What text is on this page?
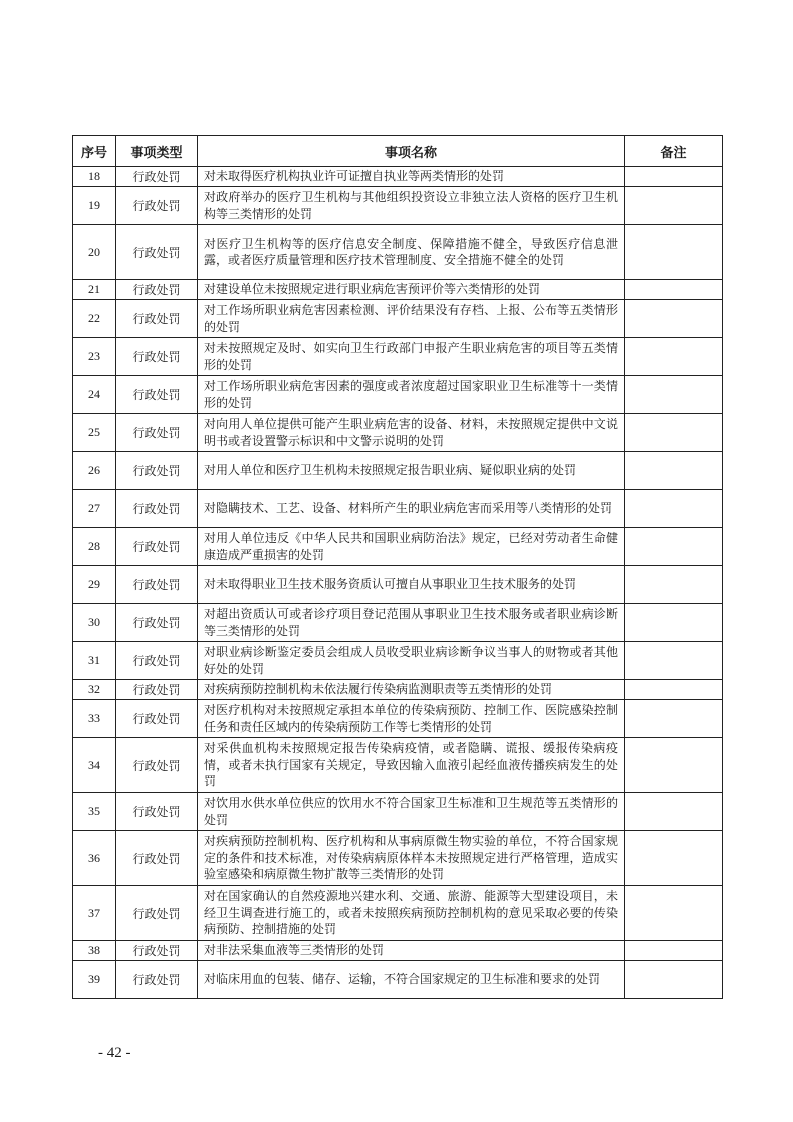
序号	事项类型	事项名称	备注
18	行政处罚	对未取得医疗机构执业许可证擅自执业等两类情形的处罚	
19	行政处罚	对政府举办的医疗卫生机构与其他组织投资设立非独立法人资格的医疗卫生机构等三类情形的处罚	
20	行政处罚	对医疗卫生机构等的医疗信息安全制度、保障措施不健全，导致医疗信息泄露，或者医疗质量管理和医疗技术管理制度、安全措施不健全的处罚	
21	行政处罚	对建设单位未按照规定进行职业病危害预评价等六类情形的处罚	
22	行政处罚	对工作场所职业病危害因素检测、评价结果没有存档、上报、公布等五类情形的处罚	
23	行政处罚	对未按照规定及时、如实向卫生行政部门申报产生职业病危害的项目等五类情形的处罚	
24	行政处罚	对工作场所职业病危害因素的强度或者浓度超过国家职业卫生标准等十一类情形的处罚	
25	行政处罚	对向用人单位提供可能产生职业病危害的设备、材料，未按照规定提供中文说明书或者设置警示标识和中文警示说明的处罚	
26	行政处罚	对用人单位和医疗卫生机构未按照规定报告职业病、疑似职业病的处罚	
27	行政处罚	对隐瞒技术、工艺、设备、材料所产生的职业病危害而采用等八类情形的处罚	
28	行政处罚	对用人单位违反《中华人民共和国职业病防治法》规定，已经对劳动者生命健康造成严重损害的处罚	
29	行政处罚	对未取得职业卫生技术服务资质认可擅自从事职业卫生技术服务的处罚	
30	行政处罚	对超出资质认可或者诊疗项目登记范围从事职业卫生技术服务或者职业病诊断等三类情形的处罚	
31	行政处罚	对职业病诊断鉴定委员会组成人员收受职业病诊断争议当事人的财物或者其他好处的处罚	
32	行政处罚	对疾病预防控制机构未依法履行传染病监测职责等五类情形的处罚	
33	行政处罚	对医疗机构对未按照规定承担本单位的传染病预防、控制工作、医院感染控制任务和责任区域内的传染病预防工作等七类情形的处罚	
34	行政处罚	对采供血机构未按照规定报告传染病疫情，或者隐瞒、谎报、缓报传染病疫情，或者未执行国家有关规定，导致因输入血液引起经血液传播疾病发生的处罚	
35	行政处罚	对饮用水供水单位供应的饮用水不符合国家卫生标准和卫生规范等五类情形的处罚	
36	行政处罚	对疾病预防控制机构、医疗机构和从事病原微生物实验的单位，不符合国家规定的条件和技术标准，对传染病病原体样本未按照规定进行严格管理，造成实验室感染和病原微生物扩散等三类情形的处罚	
37	行政处罚	对在国家确认的自然疫源地兴建水利、交通、旅游、能源等大型建设项目，未经卫生调查进行施工的，或者未按照疾病预防控制机构的意见采取必要的传染病预防、控制措施的处罚	
38	行政处罚	对非法采集血液等三类情形的处罚	
39	行政处罚	对临床用血的包装、储存、运输，不符合国家规定的卫生标准和要求的处罚	
- 42 -
